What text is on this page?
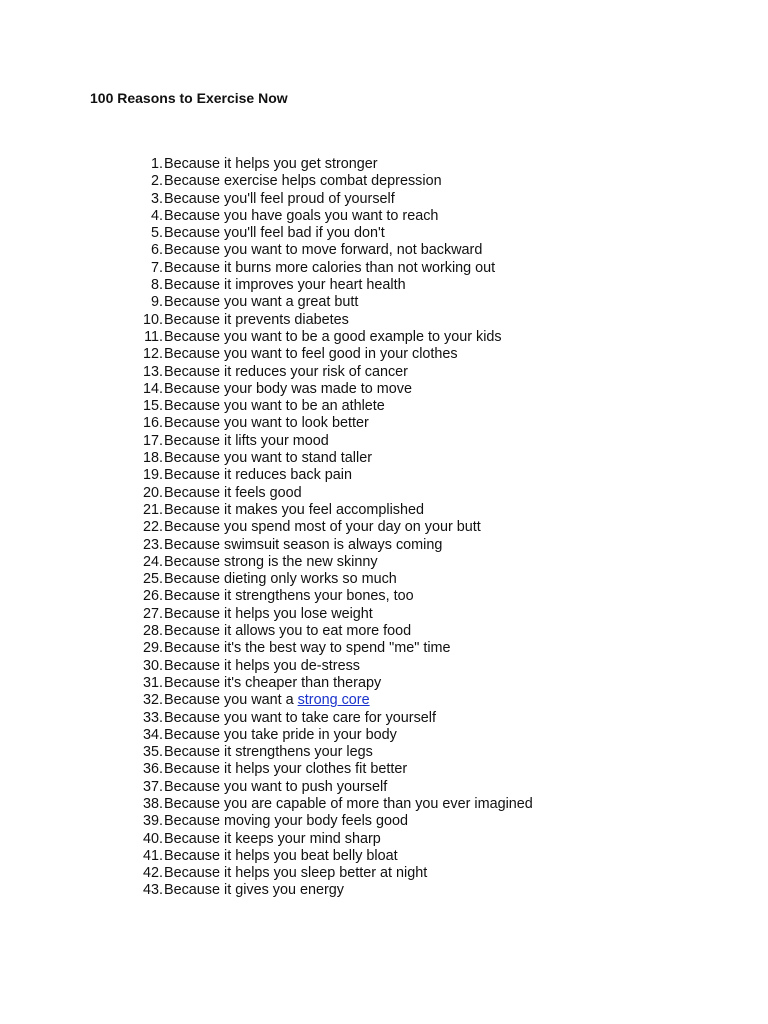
100 Reasons to Exercise Now
1. Because it helps you get stronger
2. Because exercise helps combat depression
3. Because you'll feel proud of yourself
4. Because you have goals you want to reach
5. Because you'll feel bad if you don't
6. Because you want to move forward, not backward
7. Because it burns more calories than not working out
8. Because it improves your heart health
9. Because you want a great butt
10. Because it prevents diabetes
11. Because you want to be a good example to your kids
12. Because you want to feel good in your clothes
13. Because it reduces your risk of cancer
14. Because your body was made to move
15. Because you want to be an athlete
16. Because you want to look better
17. Because it lifts your mood
18. Because you want to stand taller
19. Because it reduces back pain
20. Because it feels good
21. Because it makes you feel accomplished
22. Because you spend most of your day on your butt
23. Because swimsuit season is always coming
24. Because strong is the new skinny
25. Because dieting only works so much
26. Because it strengthens your bones, too
27. Because it helps you lose weight
28. Because it allows you to eat more food
29. Because it's the best way to spend "me" time
30. Because it helps you de-stress
31. Because it's cheaper than therapy
32. Because you want a strong core
33. Because you want to take care for yourself
34. Because you take pride in your body
35. Because it strengthens your legs
36. Because it helps your clothes fit better
37. Because you want to push yourself
38. Because you are capable of more than you ever imagined
39. Because moving your body feels good
40. Because it keeps your mind sharp
41. Because it helps you beat belly bloat
42. Because it helps you sleep better at night
43. Because it gives you energy
